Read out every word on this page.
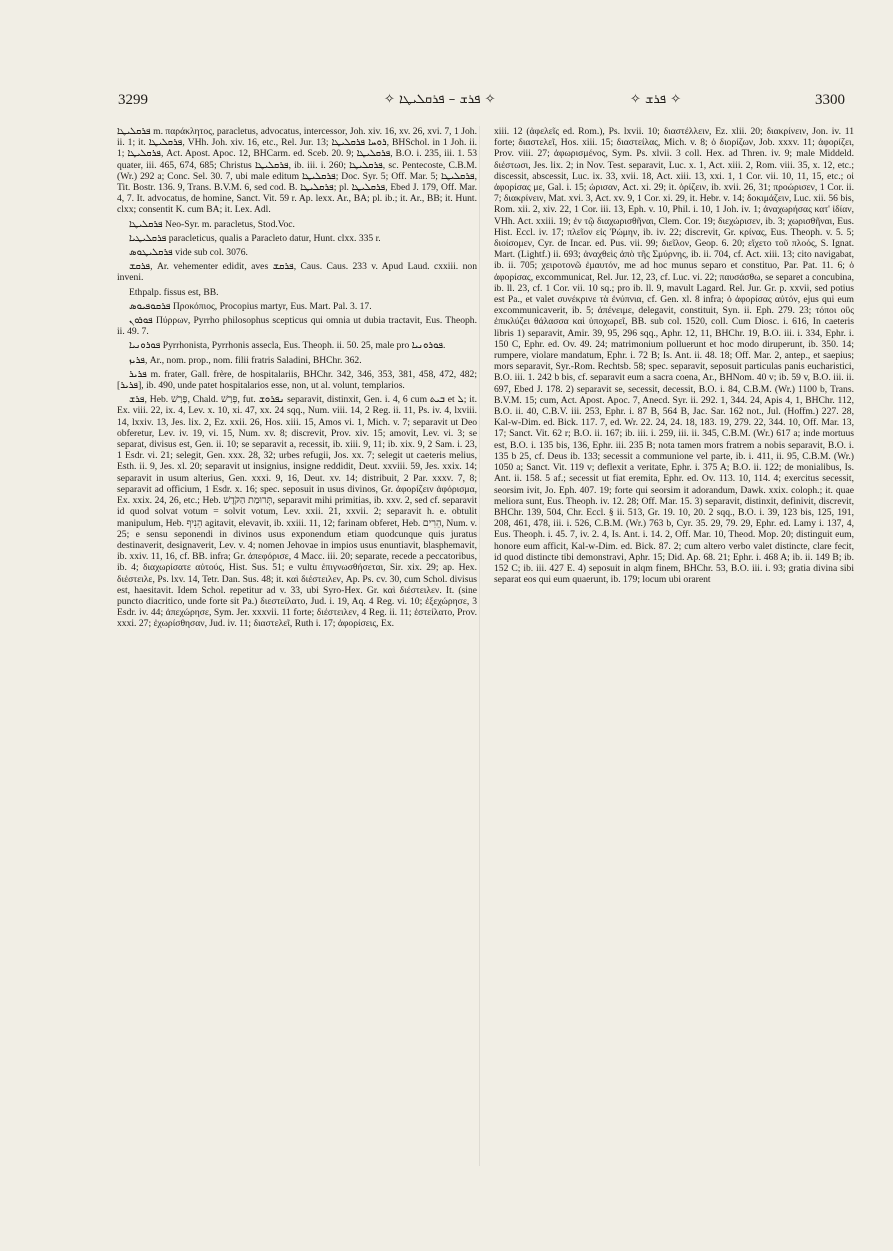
3299	✧ ܦܪܫ – ܦܪܩܠܝܛܐ ✧	✧ ܦܪܫ ✧	3300

ܦܪܩܠܝܛܐ m. παράκλητος, paracletus, advocatus, intercessor, Joh. xiv. 16, xv. 26, xvi. 7, 1 Joh. ii. 1; it. ܦܪܩܠܝܛܐ, VHh. Joh. xiv. 16, etc., Rel. Jur. 13; ܪܘܚܐ ܦܪܩܠܝܛܐ, BHSchol. in 1 Joh. ii. 1; ܦܪܩܠܝܛܐ, Act. Apost. Apoc. 12, BHCarm. ed. Sceb. 20. 9; ܦܪܩܠܝܛܐ, B.O. i. 235, iii. 1. 53 quater, iii. 465, 674, 685; Christus ܦܪܩܠܝܛܐ, ib. iii. i. 260; ܦܪܩܠܝܛܐ, sc. Pentecoste, C.B.M. (Wr.) 292 a; Conc. Sel. 30. 7, ubi male editum ܦܪܩܠܝܛܐ; Doc. Syr. 5; Off. Mar. 5; ܦܪܩܠܝܛܐ, Tit. Bostr. 136. 9, Trans. B.V.M. 6, sed cod. B. ܦܪܩܠܝܛܐ; pl. ܦܪܩܠܝܛܐ, Ebed J. 179, Off. Mar. 4, 7. It. advocatus, de homine, Sanct. Vit. 59 r. Ap. lexx. Ar., BA; pl. ib.; it. Ar., BB; it. Hunt. clxx; consentit K. cum BA; it. Lex. Adl.

ܦܪܩܠܝܛܐ Neo-Syr. m. paracletus, Stod.Voc.

ܦܪܩܠܝܛܝܐ paracleticus, qualis a Paracleto datur, Hunt. clxx. 335 r.

ܦܪܩܠܝܛܘܣ vide sub col. 3076.

ܦܪܩܫ, Ar. vehementer edidit, aves ܦܪܩܫ, Caus. Caus. 233 v. Apud Laud. cxxiii. non inveni.

Ethpalp. fissus est, BB.

ܦܪܩܘܦܝܘܣ Προκόπιος, Procopius martyr, Eus. Mart. Pal. 3. 17.

ܦܘܪܘܢ Πύρρων, Pyrrho philosophus scepticus qui omnia ut dubia tractavit, Eus. Theoph. ii. 49. 7.

ܦܘܪܘܢܝܐ Pyrrhonista, Pyrrhonis assecla, Eus. Theoph. ii. 50. 25, male pro ܦܘܪܘܢܝܐ.

ܦܪܝܙ, Ar., nom. prop., nom. filii fratris Saladini, BHChr. 362.

ܦܪܝܪ m. frater, Gall. frère, de hospitalariis, BHChr. 342, 346, 353, 381, 458, 472, 482; [ܦܪܝܪ], ib. 490, unde patet hospitalarios esse, non, ut al. volunt, templarios.

ܦܪܫ, Heb. פָּרַשׁ, Chald. פְּרַשׁ, fut. ܢܦܪܘܫ separavit, distinxit, Gen. i. 4, 6 cum ܒܝܬ et ܠ; it. Ex. viii. 22, ix. 4, Lev. x. 10, xi. 47, xx. 24 sqq., Num. viii. 14, 2 Reg. ii. 11, Ps. iv. 4, lxviii. 14, lxxiv. 13, Jes. lix. 2, Ez. xxii. 26, Hos. xiii. 15, Amos vi. 1, Mich. v. 7; separavit ut Deo obferetur, Lev. iv. 19, vi. 15, Num. xv. 8; discrevit, Prov. xiv. 15; amovit, Lev. vi. 3; se separat, divisus est, Gen. ii. 10; se separavit a, recessit, ib. xiii. 9, 11; ib. xix. 9, 2 Sam. i. 23, 1 Esdr. vi. 21; selegit, Gen. xxx. 28, 32; urbes refugii, Jos. xx. 7; selegit ut caeteris melius, Esth. ii. 9, Jes. xl. 20; separavit ut insignius, insigne reddidit, Deut. xxviii. 59, Jes. xxix. 14; separavit in usum alterius, Gen. xxxi. 9, 16, Deut. xv. 14; distribuit, 2 Par. xxxv. 7, 8; separavit ad officium, 1 Esdr. x. 16; spec. seposuit in usus divinos, Gr. ἀφορίζειν ἀφόρισμα, Ex. xxix. 24, 26, etc.; Heb. תְּרוּמַת הַקֹּדֶשׁ, separavit mihi primitias, ib. xxv. 2, sed cf. separavit id quod solvat votum = solvit votum, Lev. xxii. 21, xxvii. 2; separavit h. e. obtulit manipulum, Heb. הֵנִיף agitavit, elevavit, ib. xxiii. 11, 12; farinam obferet, Heb. הֵרִים, Num. v. 25; e sensu seponendi in divinos usus exponendum etiam quodcunque quis juratus destinaverit, designaverit, Lev. v. 4; nomen Jehovae in impios usus enuntiavit, blasphemavit, ib. xxiv. 11, 16, cf. BB. infra; Gr. ἀπεφόρισε, 4 Macc. iii. 20; separate, recede a peccatoribus, ib. 4; διαχωρίσατε αὐτούς, Hist. Sus. 51; e vultu ἐπιγνωσθήσεται, Sir. xix. 29; ap. Hex. διέστειλε, Ps. lxv. 14, Tetr. Dan. Sus. 48; it. καὶ διέστειλεν, Ap. Ps. cv. 30, cum Schol. divisus est, haesitavit. Idem Schol. repetitur ad v. 33, ubi Syro-Hex. Gr. καὶ διέστειλεν. It. (sine puncto diacritico, unde forte sit Pa.) διεστείλατο, Jud. i. 19, Aq. 4 Reg. vi. 10; ἐξεχώρησε, 3 Esdr. iv. 44; ἀπεχώρησε, Sym. Jer. xxxvii. 11 forte; διέστειλεν, 4 Reg. ii. 11; ἐστείλατο, Prov. xxxi. 27; ἐχωρίσθησαν, Jud. iv. 11; διαστελεῖ, Ruth i. 17; ἀφορίσεις, Ex.

xiii. 12 (ἀφελεῖς ed. Rom.), Ps. lxvii. 10; διαστέλλειν, Ez. xlii. 20; διακρίνειν, Jon. iv. 11 forte; διαστελεῖ, Hos. xiii. 15; διαστείλας, Mich. v. 8; ὁ διορίζων, Job. xxxv. 11; ἀφορίζει, Prov. viii. 27; ἀφωρισμένος, Sym. Ps. xlvii. 3 coll. Hex. ad Thren. iv. 9; male Middeld. διέστωσι, Jes. lix. 2; in Nov. Test. separavit, Luc. x. 1, Act. xiii. 2, Rom. viii. 35, x. 12, etc.; discessit, abscessit, Luc. ix. 33, xvii. 18, Act. xiii. 13, xxi. 1, 1 Cor. vii. 10, 11, 15, etc.; οἱ ἀφορίσας με, Gal. i. 15; ὡρισαν, Act. xi. 29; it. ὁρίζειν, ib. xvii. 26, 31; προώρισεν, 1 Cor. ii. 7; διακρίνειν, Mat. xvi. 3, Act. xv. 9, 1 Cor. xi. 29, it. Hebr. v. 14; δοκιμάζειν, Luc. xii. 56 bis, Rom. xii. 2, xiv. 22, 1 Cor. iii. 13, Eph. v. 10, Phil. i. 10, 1 Joh. iv. 1; ἀναχωρήσας κατ' ἰδίαν, VHh. Act. xxiii. 19; ἐν τῷ διαχωρισθῆναι, Clem. Cor. 19; διεχώρισεν, ib. 3; χωρισθῆναι, Eus. Hist. Eccl. iv. 17; πλεῖον εἰς Ῥώμην, ib. iv. 22; discrevit, Gr. κρίνας, Eus. Theoph. v. 5. 5; διοίσομεν, Cyr. de Incar. ed. Pus. vii. 99; διεῖλον, Geop. 6. 20; εἴχετο τοῦ πλοός, S. Ignat. Mart. (Lightf.) ii. 693; ἀναχθεὶς ἀπὸ τῆς Σμύρνης, ib. ii. 704, cf. Act. xiii. 13; cito navigabat, ib. ii. 705; χειροτονῶ ἐμαυτόν, me ad hoc munus separo et constituo, Par. Pat. 11. 6; ὁ ἀφορίσας, excommunicat, Rel. Jur. 12, 23, cf. Luc. vi. 22; παυσάσθω, se separet a concubina, ib. ll. 23, cf. 1 Cor. vii. 10 sq.; pro ib. ll. 9, mavult Lagard. Rel. Jur. Gr. p. xxvii, sed potius est Pa., et valet συνέκρινε τὰ ἐνύπνια, cf. Gen. xl. 8 infra; ὁ ἀφορίσας αὐτόν, ejus qui eum excommunicaverit, ib. 5; ἀπένειμε, delegavit, constituit, Syn. ii. Eph. 279. 23; τόποι οὓς ἐπικλύζει θάλασσα καὶ ὑποχωρεῖ, BB. sub col. 1520, coll. Cum Diosc. i. 616, In caeteris libris 1) separavit, Amir. 39, 95, 296 sqq., Aphr. 12, 11, BHChr. 19, B.O. iii. i. 334, Ephr. i. 150 C, Ephr. ed. Ov. 49. 24; matrimonium polluerunt et hoc modo diruperunt, ib. 350. 14; rumpere, violare mandatum, Ephr. i. 72 B; Is. Ant. ii. 48. 18; Off. Mar. 2, antep., et saepius; mors separavit, Syr.-Rom. Rechtsb. 58; spec. separavit, seposuit particulas panis eucharistici, B.O. iii. 1. 242 b bis, cf. separavit eum a sacra coena, Ar., BHNom. 40 v; ib. 59 v, B.O. iii. ii. 697, Ebed J. 178. 2) separavit se, secessit, decessit, B.O. i. 84, C.B.M. (Wr.) 1100 b, Trans. B.V.M. 15; cum, Act. Apost. Apoc. 7, Anecd. Syr. ii. 292. 1, 344. 24, Apis 4, 1, BHChr. 112, B.O. ii. 40, C.B.V. iii. 253, Ephr. i. 87 B, 564 B, Jac. Sar. 162 not., Jul. (Hoffm.) 227. 28, Kal-w-Dim. ed. Bick. 117. 7, ed. Wr. 22. 24, 24. 18, 183. 19, 279. 22, 344. 10, Off. Mar. 13, 17; Sanct. Vit. 62 r; B.O. ii. 167; ib. iii. i. 259, iii. ii. 345, C.B.M. (Wr.) 617 a; inde mortuus est, B.O. i. 135 bis, 136, Ephr. iii. 235 B; nota tamen mors fratrem a nobis separavit, B.O. i. 135 b 25, cf. Deus ib. 133; secessit a communione vel parte, ib. i. 411, ii. 95, C.B.M. (Wr.) 1050 a; Sanct. Vit. 119 v; deflexit a veritate, Ephr. i. 375 A; B.O. ii. 122; de monialibus, Is. Ant. ii. 158. 5 af.; secessit ut fiat eremita, Ephr. ed. Ov. 113. 10, 114. 4; exercitus secessit, seorsim ivit, Jo. Eph. 407. 19; forte qui seorsim it adorandum, Dawk. xxix. coloph.; it. quae meliora sunt, Eus. Theoph. iv. 12. 28; Off. Mar. 15. 3) separavit, distinxit, definivit, discrevit, BHChr. 139, 504, Chr. Eccl. § ii. 513, Gr. 19. 10, 20. 2 sqq., B.O. i. 39, 123 bis, 125, 191, 208, 461, 478, iii. i. 526, C.B.M. (Wr.) 763 b, Cyr. 35. 29, 79. 29, Ephr. ed. Lamy i. 137, 4, Eus. Theoph. i. 45. 7, iv. 2. 4, Is. Ant. i. 14. 2, Off. Mar. 10, Theod. Mop. 20; distinguit eum, honore eum afficit, Kal-w-Dim. ed. Bick. 87. 2; cum altero verbo valet distincte, clare fecit, id quod distincte tibi demonstravi, Aphr. 15; Did. Ap. 68. 21; Ephr. i. 468 A; ib. ii. 149 B; ib. 152 C; ib. iii. 427 E. 4) seposuit in alqm finem, BHChr. 53, B.O. iii. i. 93; gratia divina sibi separat eos qui eum quaerunt, ib. 179; locum ubi orarent
